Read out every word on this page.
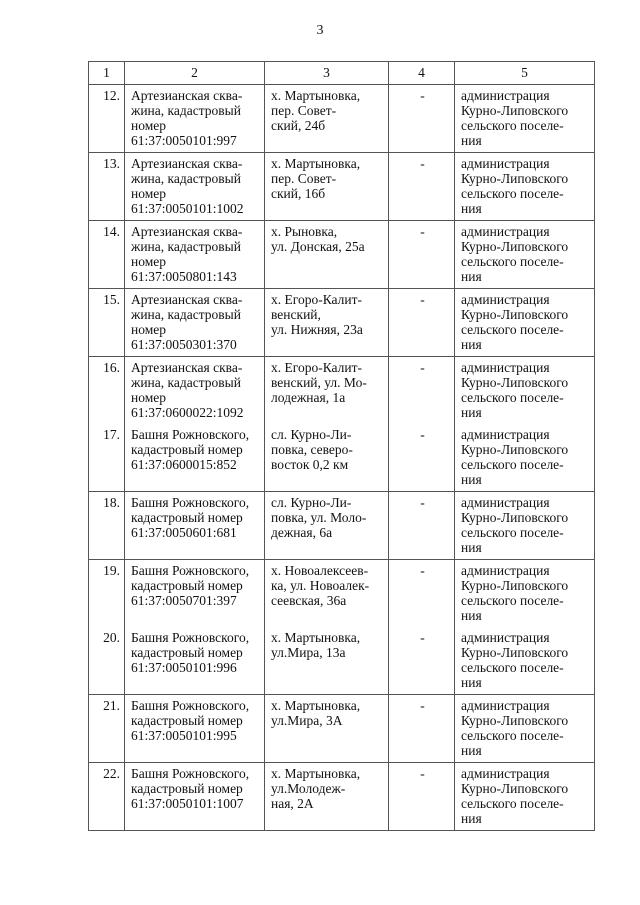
3
1	2	3	4	5
12.	Артезианская сква-
жина, кадастровый
номер
61:37:0050101:997	х. Мартыновка,
пер. Совет-
ский, 24б	-	администрация
Курно-Липовского
сельского поселе-
ния
13.	Артезианская сква-
жина, кадастровый
номер
61:37:0050101:1002	х. Мартыновка,
пер. Совет-
ский, 16б	-	администрация
Курно-Липовского
сельского поселе-
ния
14.	Артезианская сква-
жина, кадастровый
номер
61:37:0050801:143	х. Рыновка,
ул. Донская, 25а	-	администрация
Курно-Липовского
сельского поселе-
ния
15.	Артезианская сква-
жина, кадастровый
номер
61:37:0050301:370	х. Егоро-Калит-
венский,
ул. Нижняя, 23а	-	администрация
Курно-Липовского
сельского поселе-
ния
16.	Артезианская сква-
жина, кадастровый
номер
61:37:0600022:1092	х. Егоро-Калит-
венский, ул. Мо-
лодежная, 1а	-	администрация
Курно-Липовского
сельского поселе-
ния
17.	Башня Рожновского,
кадастровый номер
61:37:0600015:852	сл. Курно-Ли-
повка, северо-
восток 0,2 км	-	администрация
Курно-Липовского
сельского поселе-
ния
18.	Башня Рожновского,
кадастровый номер
61:37:0050601:681	сл. Курно-Ли-
повка, ул. Моло-
дежная, 6а	-	администрация
Курно-Липовского
сельского поселе-
ния
19.	Башня Рожновского,
кадастровый номер
61:37:0050701:397	х. Новоалексеев-
ка, ул. Новоалек-
сеевская, 36а	-	администрация
Курно-Липовского
сельского поселе-
ния
20.	Башня Рожновского,
кадастровый номер
61:37:0050101:996	х. Мартыновка,
ул.Мира, 13а	-	администрация
Курно-Липовского
сельского поселе-
ния
21.	Башня Рожновского,
кадастровый номер
61:37:0050101:995	х. Мартыновка,
ул.Мира, 3А	-	администрация
Курно-Липовского
сельского поселе-
ния
22.	Башня Рожновского,
кадастровый номер
61:37:0050101:1007	х. Мартыновка,
ул.Молодеж-
ная, 2А	-	администрация
Курно-Липовского
сельского поселе-
ния
